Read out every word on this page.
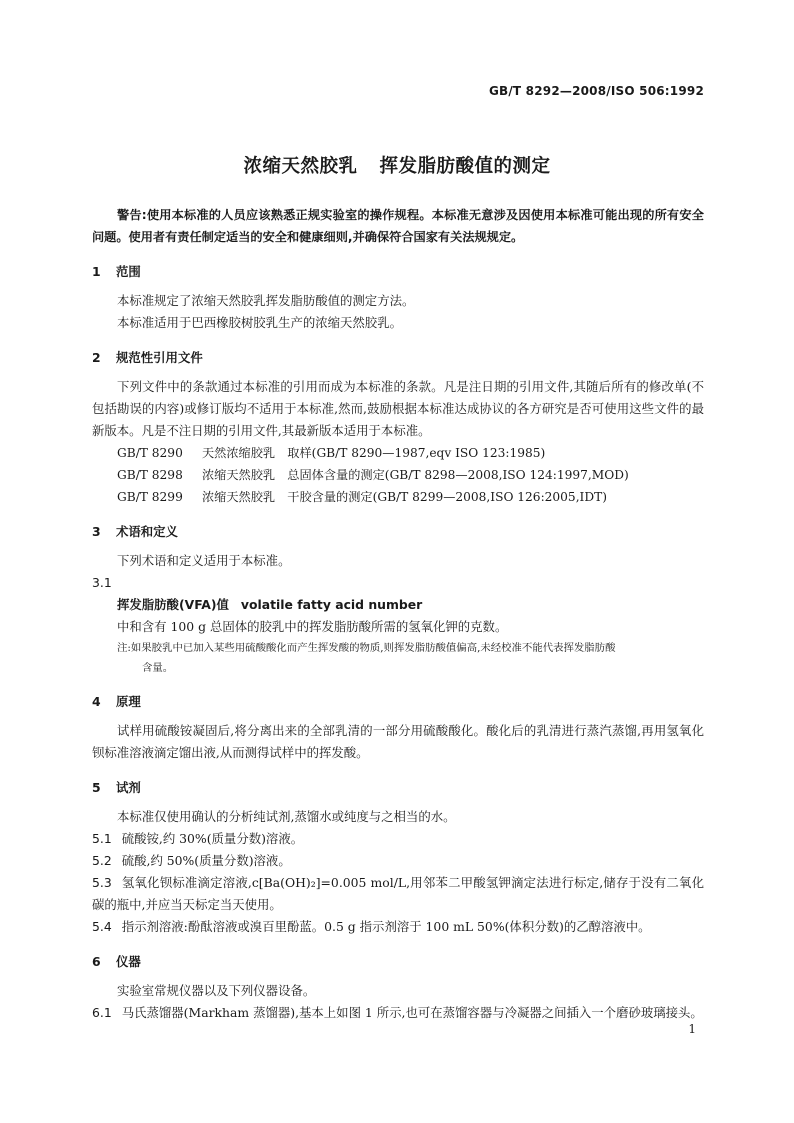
GB/T 8292—2008/ISO 506:1992
浓缩天然胶乳 挥发脂肪酸值的测定

警告:使用本标准的人员应该熟悉正规实验室的操作规程。本标准无意涉及因使用本标准可能出现的所有安全问题。使用者有责任制定适当的安全和健康细则,并确保符合国家有关法规规定。

1 范围

本标准规定了浓缩天然胶乳挥发脂肪酸值的测定方法。

本标准适用于巴西橡胶树胶乳生产的浓缩天然胶乳。

2 规范性引用文件

下列文件中的条款通过本标准的引用而成为本标准的条款。凡是注日期的引用文件,其随后所有的修改单(不包括勘误的内容)或修订版均不适用于本标准,然而,鼓励根据本标准达成协议的各方研究是否可使用这些文件的最新版本。凡是不注日期的引用文件,其最新版本适用于本标准。

GB/T 8290 天然浓缩胶乳　取样(GB/T 8290—1987,eqv ISO 123:1985)
GB/T 8298 浓缩天然胶乳　总固体含量的测定(GB/T 8298—2008,ISO 124:1997,MOD)
GB/T 8299 浓缩天然胶乳　干胶含量的测定(GB/T 8299—2008,ISO 126:2005,IDT)
3 术语和定义

下列术语和定义适用于本标准。

3.1
挥发脂肪酸(VFA)值 volatile fatty acid number
中和含有 100 g 总固体的胶乳中的挥发脂肪酸所需的氢氧化钾的克数。
注:如果胶乳中已加入某些用硫酸酸化而产生挥发酸的物质,则挥发脂肪酸值偏高,未经校准不能代表挥发脂肪酸
含量。
4 原理

试样用硫酸铵凝固后,将分离出来的全部乳清的一部分用硫酸酸化。酸化后的乳清进行蒸汽蒸馏,再用氢氧化钡标准溶液滴定馏出液,从而测得试样中的挥发酸。

5 试剂

本标准仅使用确认的分析纯试剂,蒸馏水或纯度与之相当的水。

5.1 硫酸铵,约 30%(质量分数)溶液。

5.2 硫酸,约 50%(质量分数)溶液。

5.3 氢氧化钡标准滴定溶液,c[Ba(OH)₂]=0.005 mol/L,用邻苯二甲酸氢钾滴定法进行标定,储存于没有二氧化碳的瓶中,并应当天标定当天使用。

5.4 指示剂溶液:酚酞溶液或溴百里酚蓝。0.5 g 指示剂溶于 100 mL 50%(体积分数)的乙醇溶液中。

6 仪器

实验室常规仪器以及下列仪器设备。

6.1 马氏蒸馏器(Markham 蒸馏器),基本上如图 1 所示,也可在蒸馏容器与冷凝器之间插入一个磨砂玻璃接头。

1
